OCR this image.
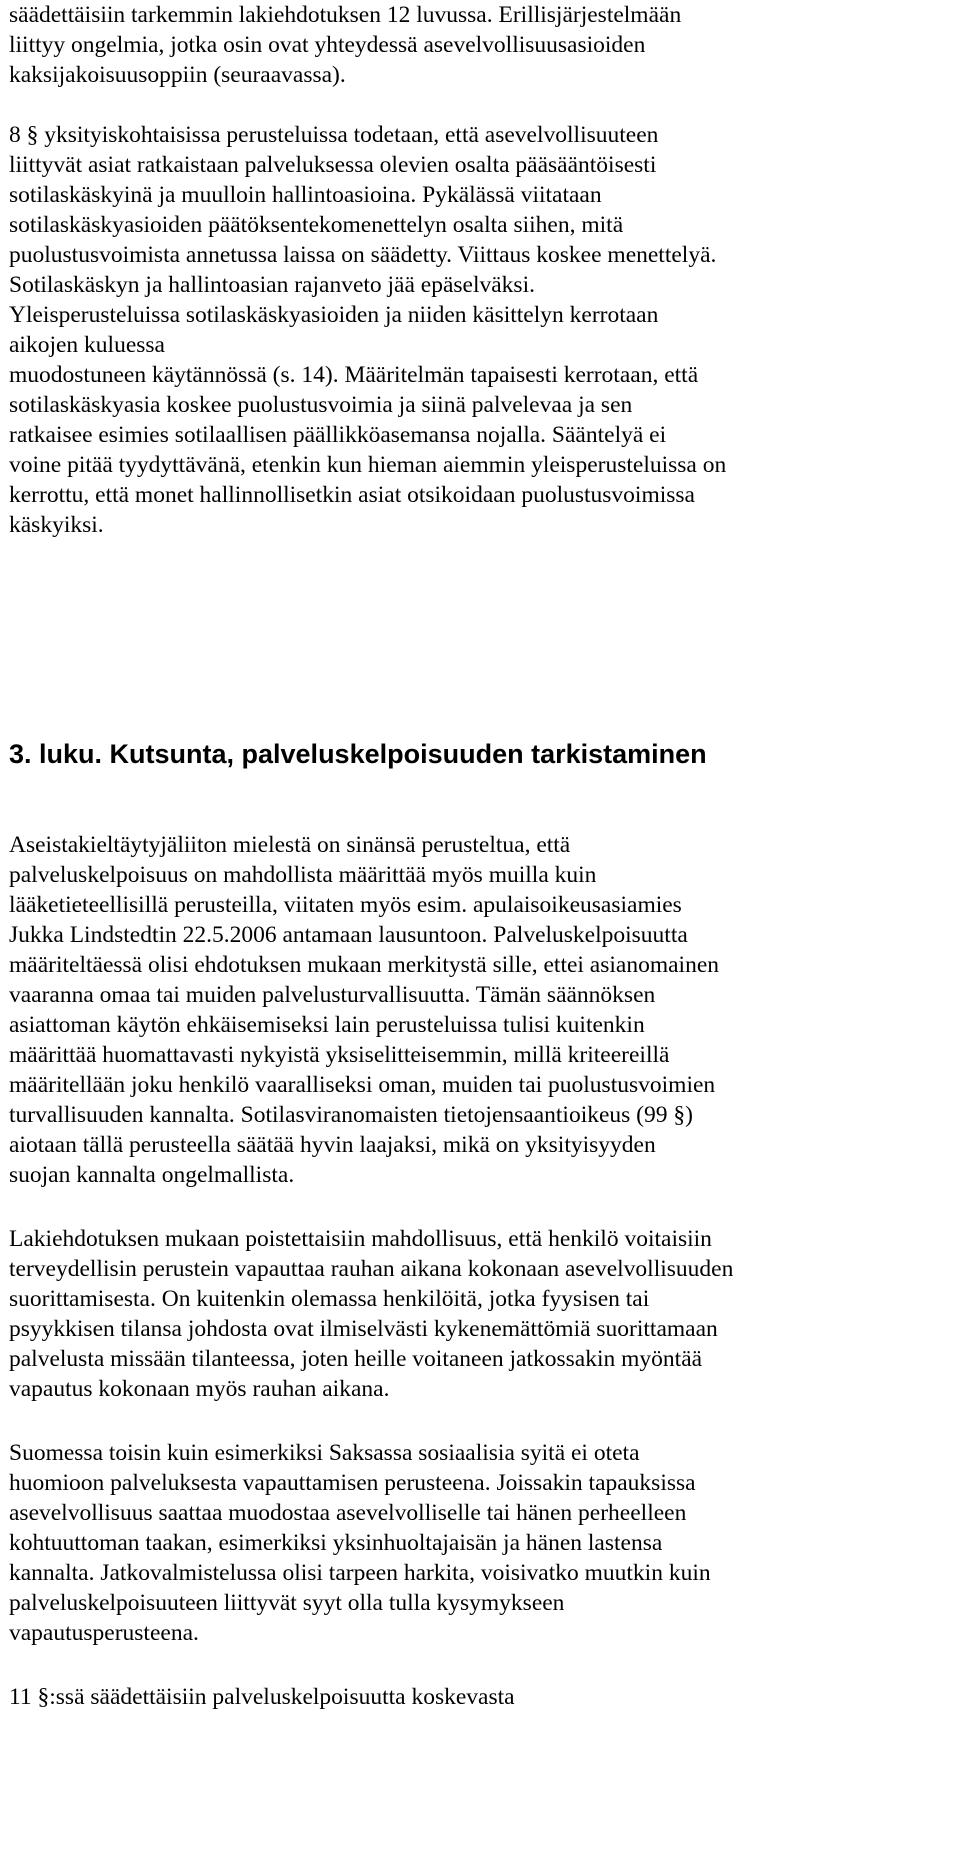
säädettäisiin tarkemmin lakiehdotuksen 12 luvussa. Erillisjärjestelmään

liittyy ongelmia, jotka osin ovat yhteydessä asevelvollisuusasioiden

kaksijakoisuusoppiin (seuraavassa).

8 § yksityiskohtaisissa perusteluissa todetaan, että asevelvollisuuteen

liittyvät asiat ratkaistaan palveluksessa olevien osalta pääsääntöisesti

sotilaskäskyinä ja muulloin hallintoasioina. Pykälässä viitataan

sotilaskäskyasioiden päätöksentekomenettelyn osalta siihen, mitä

puolustusvoimista annetussa laissa on säädetty. Viittaus koskee menettelyä.

Sotilaskäskyn ja hallintoasian rajanveto jää epäselväksi.

Yleisperusteluissa sotilaskäskyasioiden ja niiden käsittelyn kerrotaan

aikojen kuluessa

muodostuneen käytännössä (s. 14). Määritelmän tapaisesti kerrotaan, että

sotilaskäskyasia koskee puolustusvoimia ja siinä palvelevaa ja sen

ratkaisee esimies sotilaallisen päällikköasemansa nojalla. Sääntelyä ei

voine pitää tyydyttävänä, etenkin kun hieman aiemmin yleisperusteluissa on

kerrottu, että monet hallinnollisetkin asiat otsikoidaan puolustusvoimissa

käskyiksi.

3. luku. Kutsunta, palveluskelpoisuuden tarkistaminen

Aseistakieltäytyjäliiton mielestä on sinänsä perusteltua, että

palveluskelpoisuus on mahdollista määrittää myös muilla kuin

lääketieteellisillä perusteilla, viitaten myös esim. apulaisoikeusasiamies

Jukka Lindstedtin 22.5.2006 antamaan lausuntoon. Palveluskelpoisuutta

määriteltäessä olisi ehdotuksen mukaan merkitystä sille, ettei asianomainen

vaaranna omaa tai muiden palvelusturvallisuutta. Tämän säännöksen

asiattoman käytön ehkäisemiseksi lain perusteluissa tulisi kuitenkin

määrittää huomattavasti nykyistä yksiselitteisemmin, millä kriteereillä

määritellään joku henkilö vaaralliseksi oman, muiden tai puolustusvoimien

turvallisuuden kannalta. Sotilasviranomaisten tietojensaantioikeus (99 §)

aiotaan tällä perusteella säätää hyvin laajaksi, mikä on yksityisyyden

suojan kannalta ongelmallista.

Lakiehdotuksen mukaan poistettaisiin mahdollisuus, että henkilö voitaisiin

terveydellisin perustein vapauttaa rauhan aikana kokonaan asevelvollisuuden

suorittamisesta. On kuitenkin olemassa henkilöitä, jotka fyysisen tai

psyykkisen tilansa johdosta ovat ilmiselvästi kykenemättömiä suorittamaan

palvelusta missään tilanteessa, joten heille voitaneen jatkossakin myöntää

vapautus kokonaan myös rauhan aikana.

Suomessa toisin kuin esimerkiksi Saksassa sosiaalisia syitä ei oteta

huomioon palveluksesta vapauttamisen perusteena. Joissakin tapauksissa

asevelvollisuus saattaa muodostaa asevelvolliselle tai hänen perheelleen

kohtuuttoman taakan, esimerkiksi yksinhuoltajaisän ja hänen lastensa

kannalta. Jatkovalmistelussa olisi tarpeen harkita, voisivatko muutkin kuin

palveluskelpoisuuteen liittyvät syyt olla tulla kysymykseen

vapautusperusteena.

11 §:ssä säädettäisiin palveluskelpoisuutta koskevasta
